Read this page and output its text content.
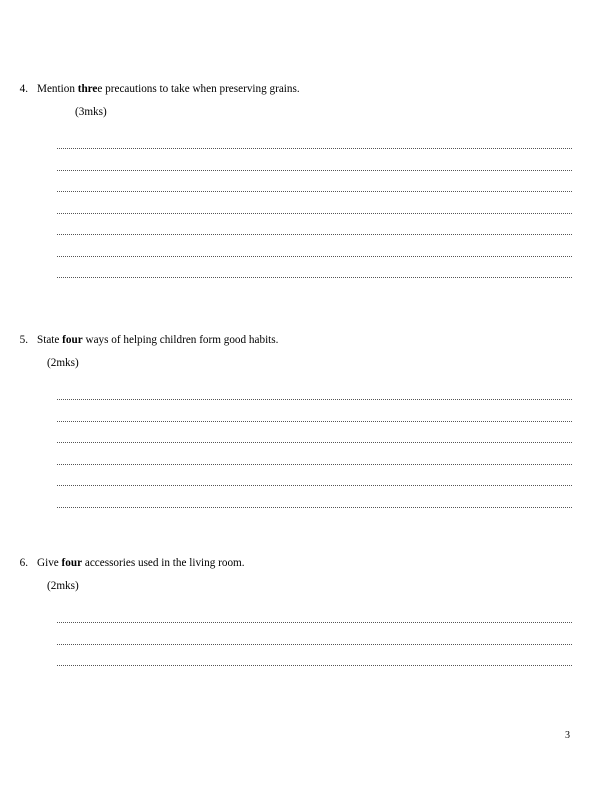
4. Mention three precautions to take when preserving grains.
(3mks)
5. State four ways of helping children form good habits.
(2mks)
6. Give four accessories used in the living room.
(2mks)
3
